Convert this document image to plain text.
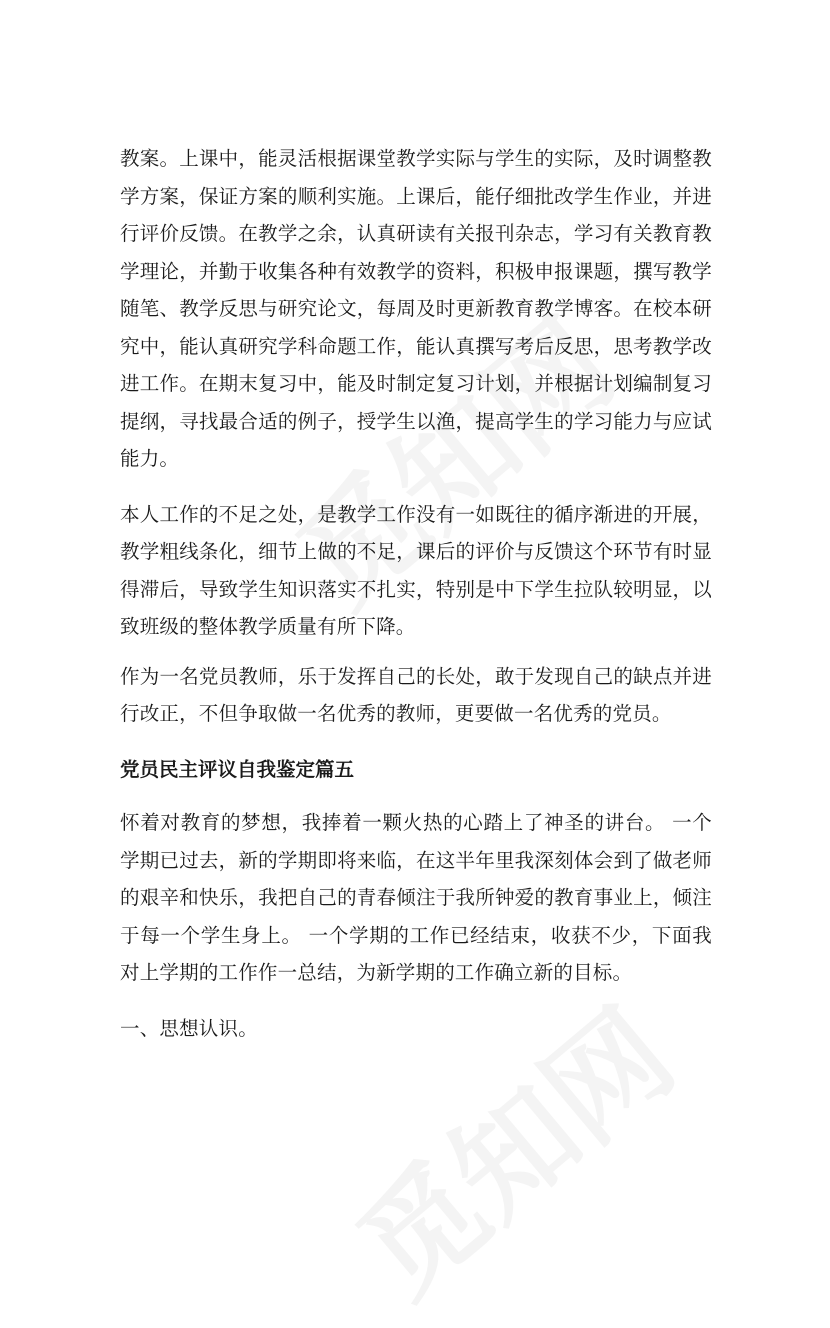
教案。上课中，能灵活根据课堂教学实际与学生的实际，及时调整教学方案，保证方案的顺利实施。上课后，能仔细批改学生作业，并进行评价反馈。在教学之余，认真研读有关报刊杂志，学习有关教育教学理论，并勤于收集各种有效教学的资料，积极申报课题，撰写教学随笔、教学反思与研究论文，每周及时更新教育教学博客。在校本研究中，能认真研究学科命题工作，能认真撰写考后反思，思考教学改进工作。在期末复习中，能及时制定复习计划，并根据计划编制复习提纲，寻找最合适的例子，授学生以渔，提高学生的学习能力与应试能力。

本人工作的不足之处，是教学工作没有一如既往的循序渐进的开展，教学粗线条化，细节上做的不足，课后的评价与反馈这个环节有时显得滞后，导致学生知识落实不扎实，特别是中下学生拉队较明显，以致班级的整体教学质量有所下降。

作为一名党员教师，乐于发挥自己的长处，敢于发现自己的缺点并进行改正，不但争取做一名优秀的教师，更要做一名优秀的党员。

党员民主评议自我鉴定篇五

怀着对教育的梦想，我捧着一颗火热的心踏上了神圣的讲台。 一个学期已过去，新的学期即将来临，在这半年里我深刻体会到了做老师的艰辛和快乐，我把自己的青春倾注于我所钟爱的教育事业上，倾注于每一个学生身上。 一个学期的工作已经结束，收获不少，下面我对上学期的工作作一总结，为新学期的工作确立新的目标。

一、思想认识。
